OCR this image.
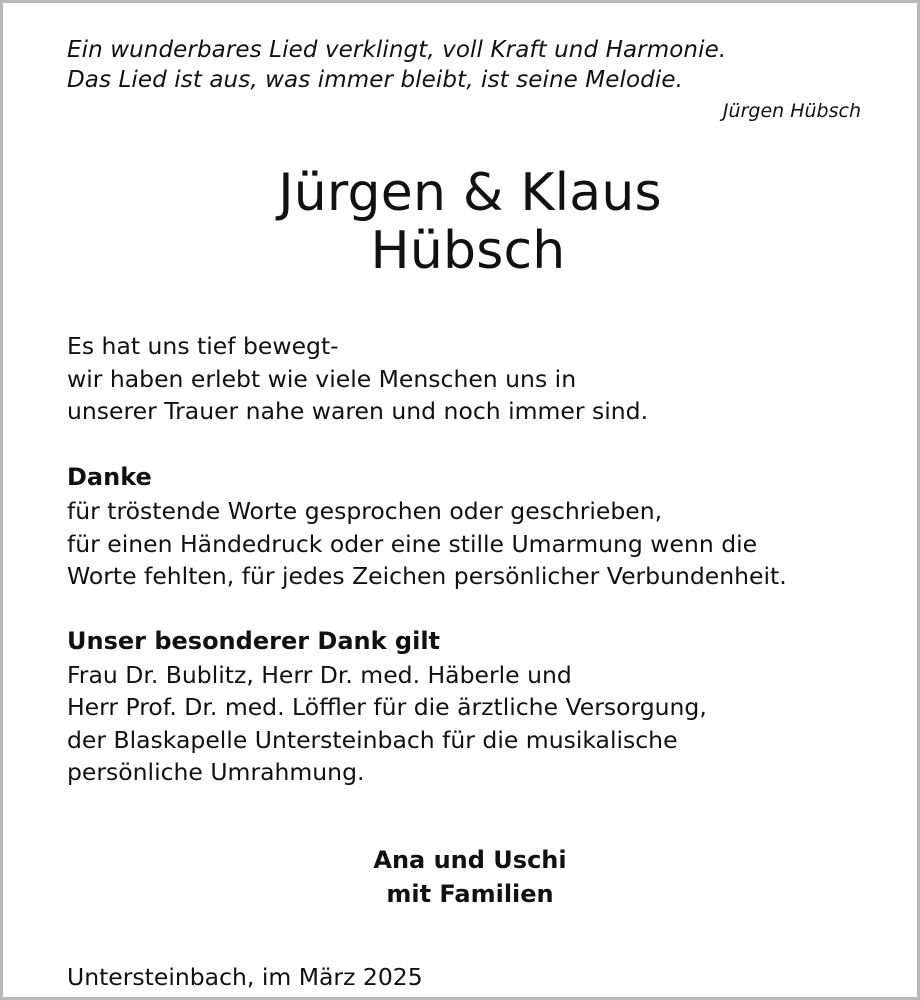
Ein wunderbares Lied verklingt, voll Kraft und Harmonie.
Das Lied ist aus, was immer bleibt, ist seine Melodie.
Jürgen Hübsch
Jürgen & Klaus
Hübsch
Es hat uns tief bewegt-
wir haben erlebt wie viele Menschen uns in
unserer Trauer nahe waren und noch immer sind.
Danke
für tröstende Worte gesprochen oder geschrieben,
für einen Händedruck oder eine stille Umarmung wenn die
Worte fehlten, für jedes Zeichen persönlicher Verbundenheit.
Unser besonderer Dank gilt
Frau Dr. Bublitz, Herr Dr. med. Häberle und
Herr Prof. Dr. med. Löffler für die ärztliche Versorgung,
der Blaskapelle Untersteinbach für die musikalische
persönliche Umrahmung.
Ana und Uschi
mit Familien
Untersteinbach, im März 2025
